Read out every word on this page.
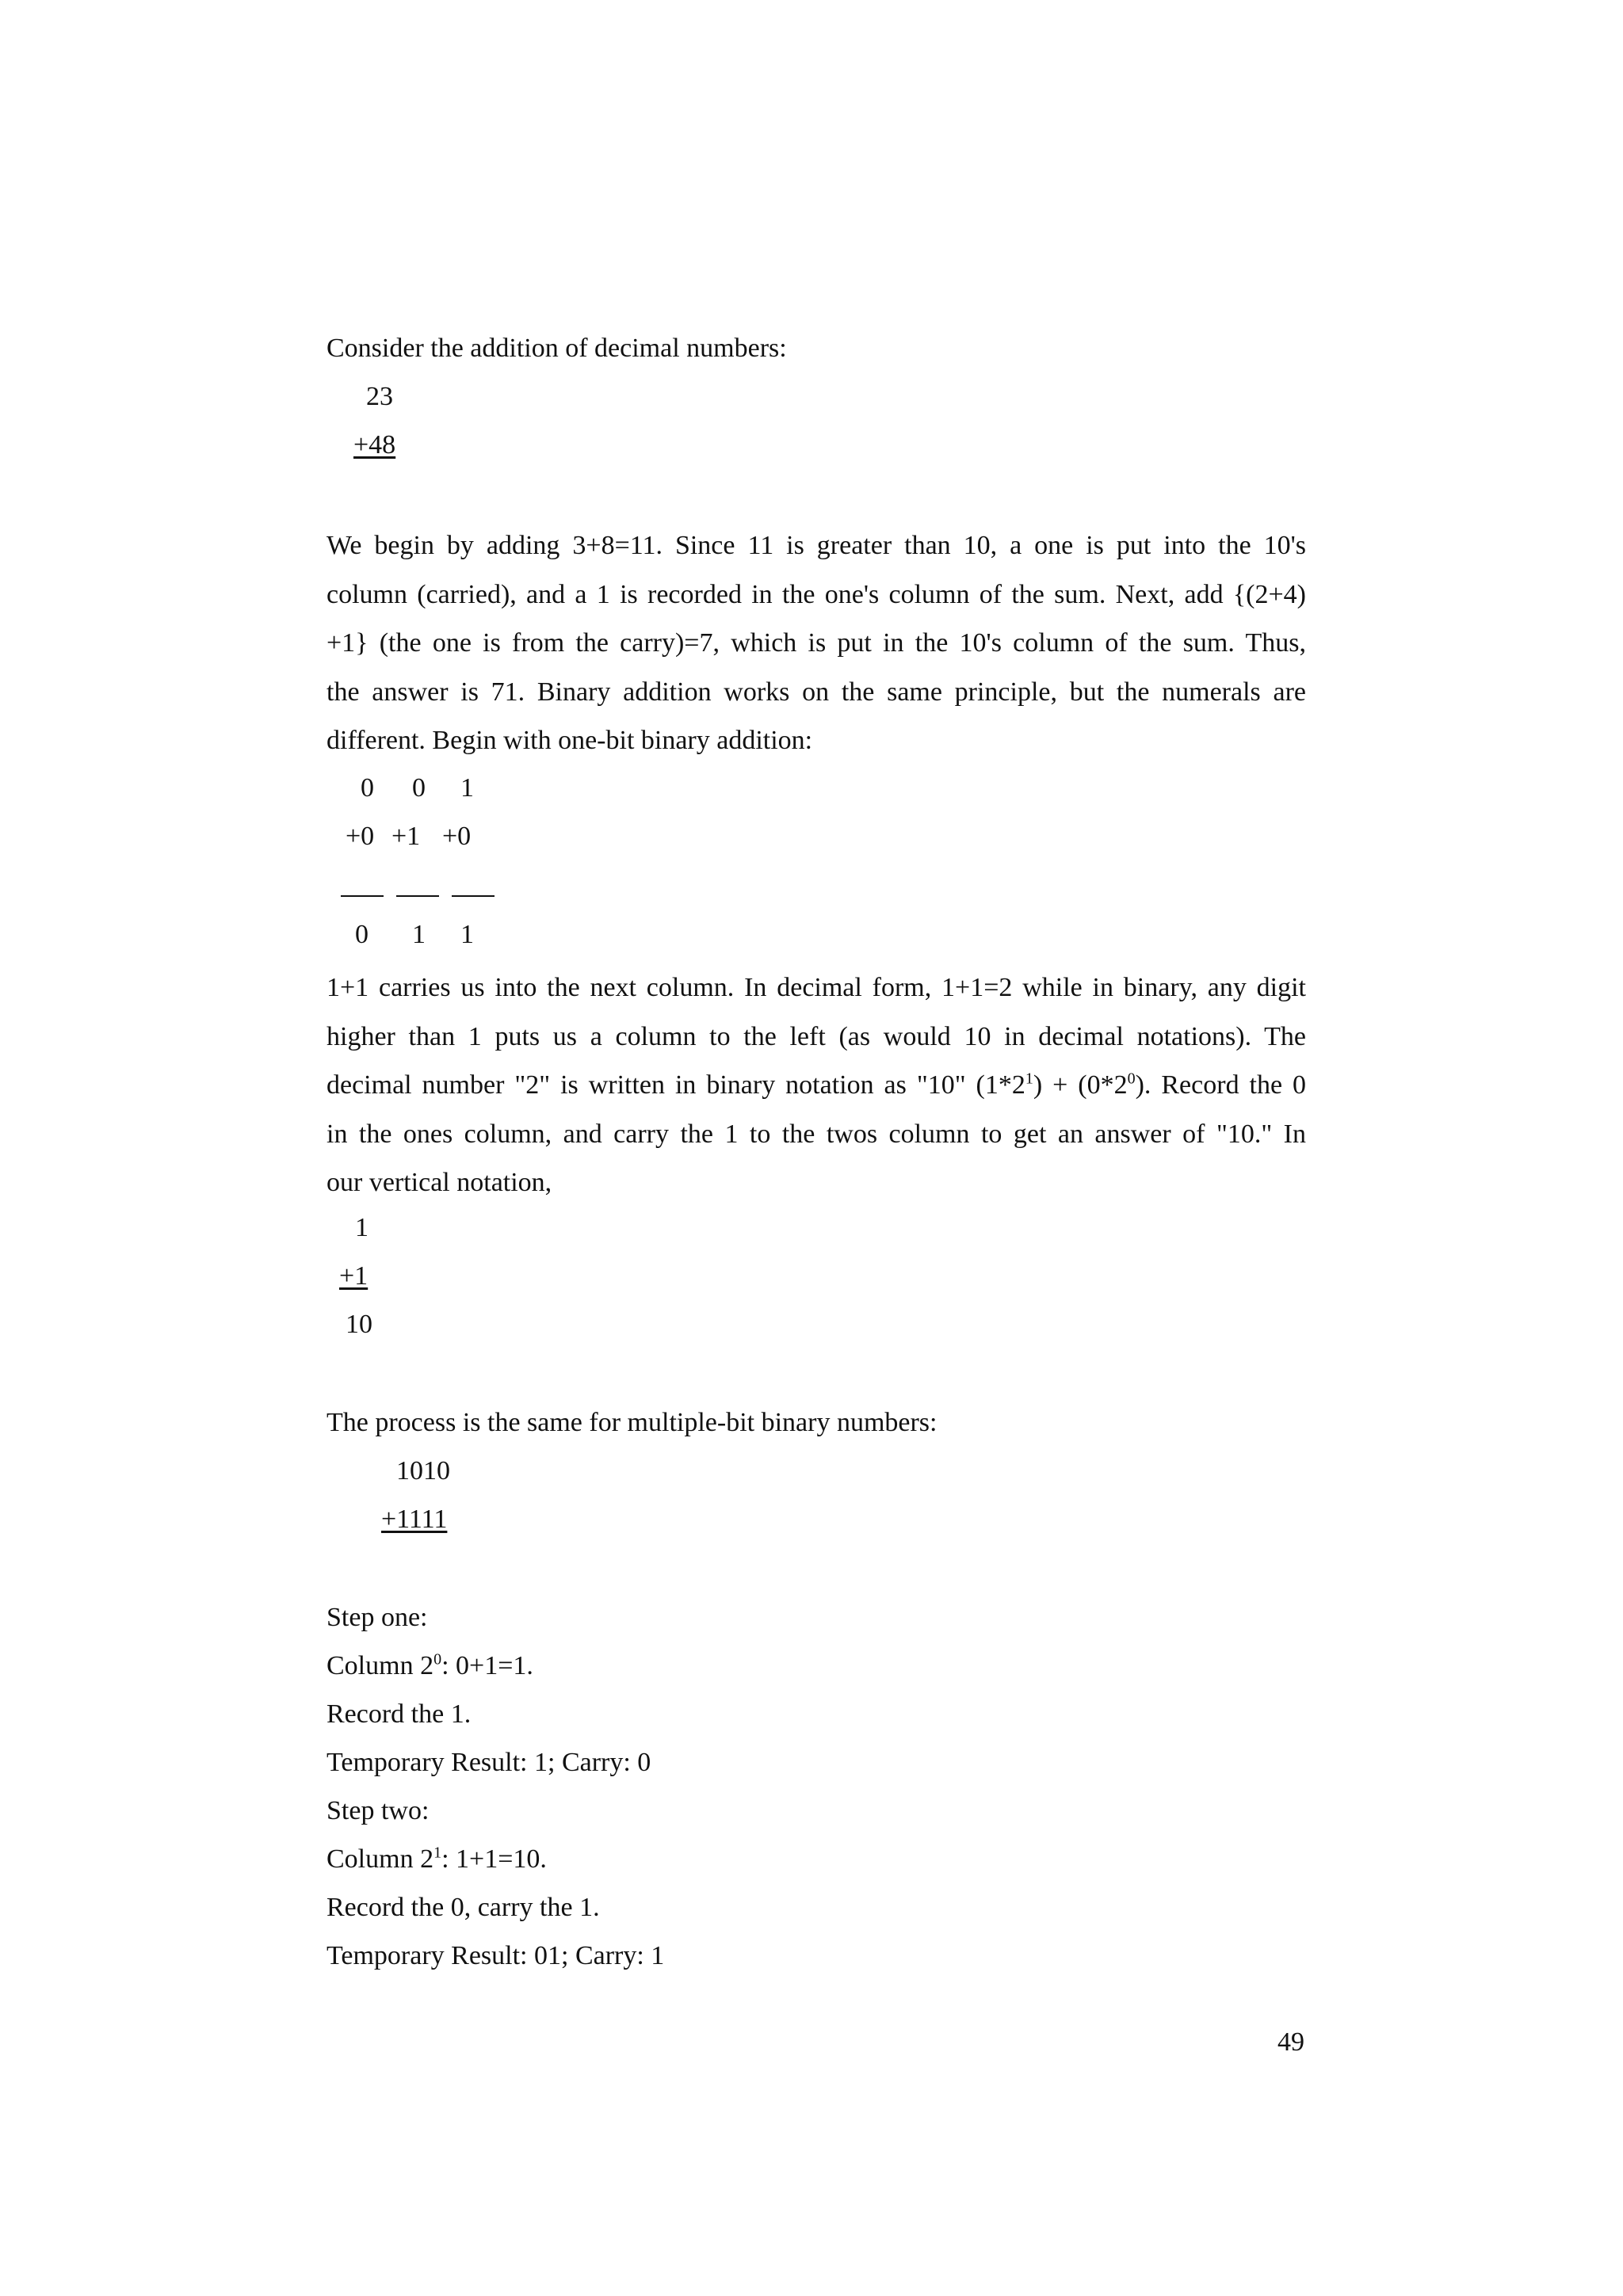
Consider the addition of decimal numbers:
23
+48
We begin by adding 3+8=11. Since 11 is greater than 10, a one is put into the 10's
column (carried), and a 1 is recorded in the one's column of the sum. Next, add {(2+4)
+1} (the one is from the carry)=7, which is put in the 10's column of the sum. Thus,
the answer is 71. Binary addition works on the same principle, but the numerals are
different. Begin with one-bit binary addition:
0 0 1
+0 +1 +0
0 1 1
1+1 carries us into the next column. In decimal form, 1+1=2 while in binary, any digit
higher than 1 puts us a column to the left (as would 10 in decimal notations). The
decimal number "2" is written in binary notation as "10" $(1*2^1) + (0*2^0)$. Record the 0
in the ones column, and carry the 1 to the twos column to get an answer of "10." In
our vertical notation,
1
+1
10
The process is the same for multiple-bit binary numbers:
1010
+1111
Step one:
Column $2^0$: 0+1=1.
Record the 1.
Temporary Result: 1; Carry: 0
Step two:
Column $2^1$: 1+1=10.
Record the 0, carry the 1.
Temporary Result: 01; Carry: 1
49
